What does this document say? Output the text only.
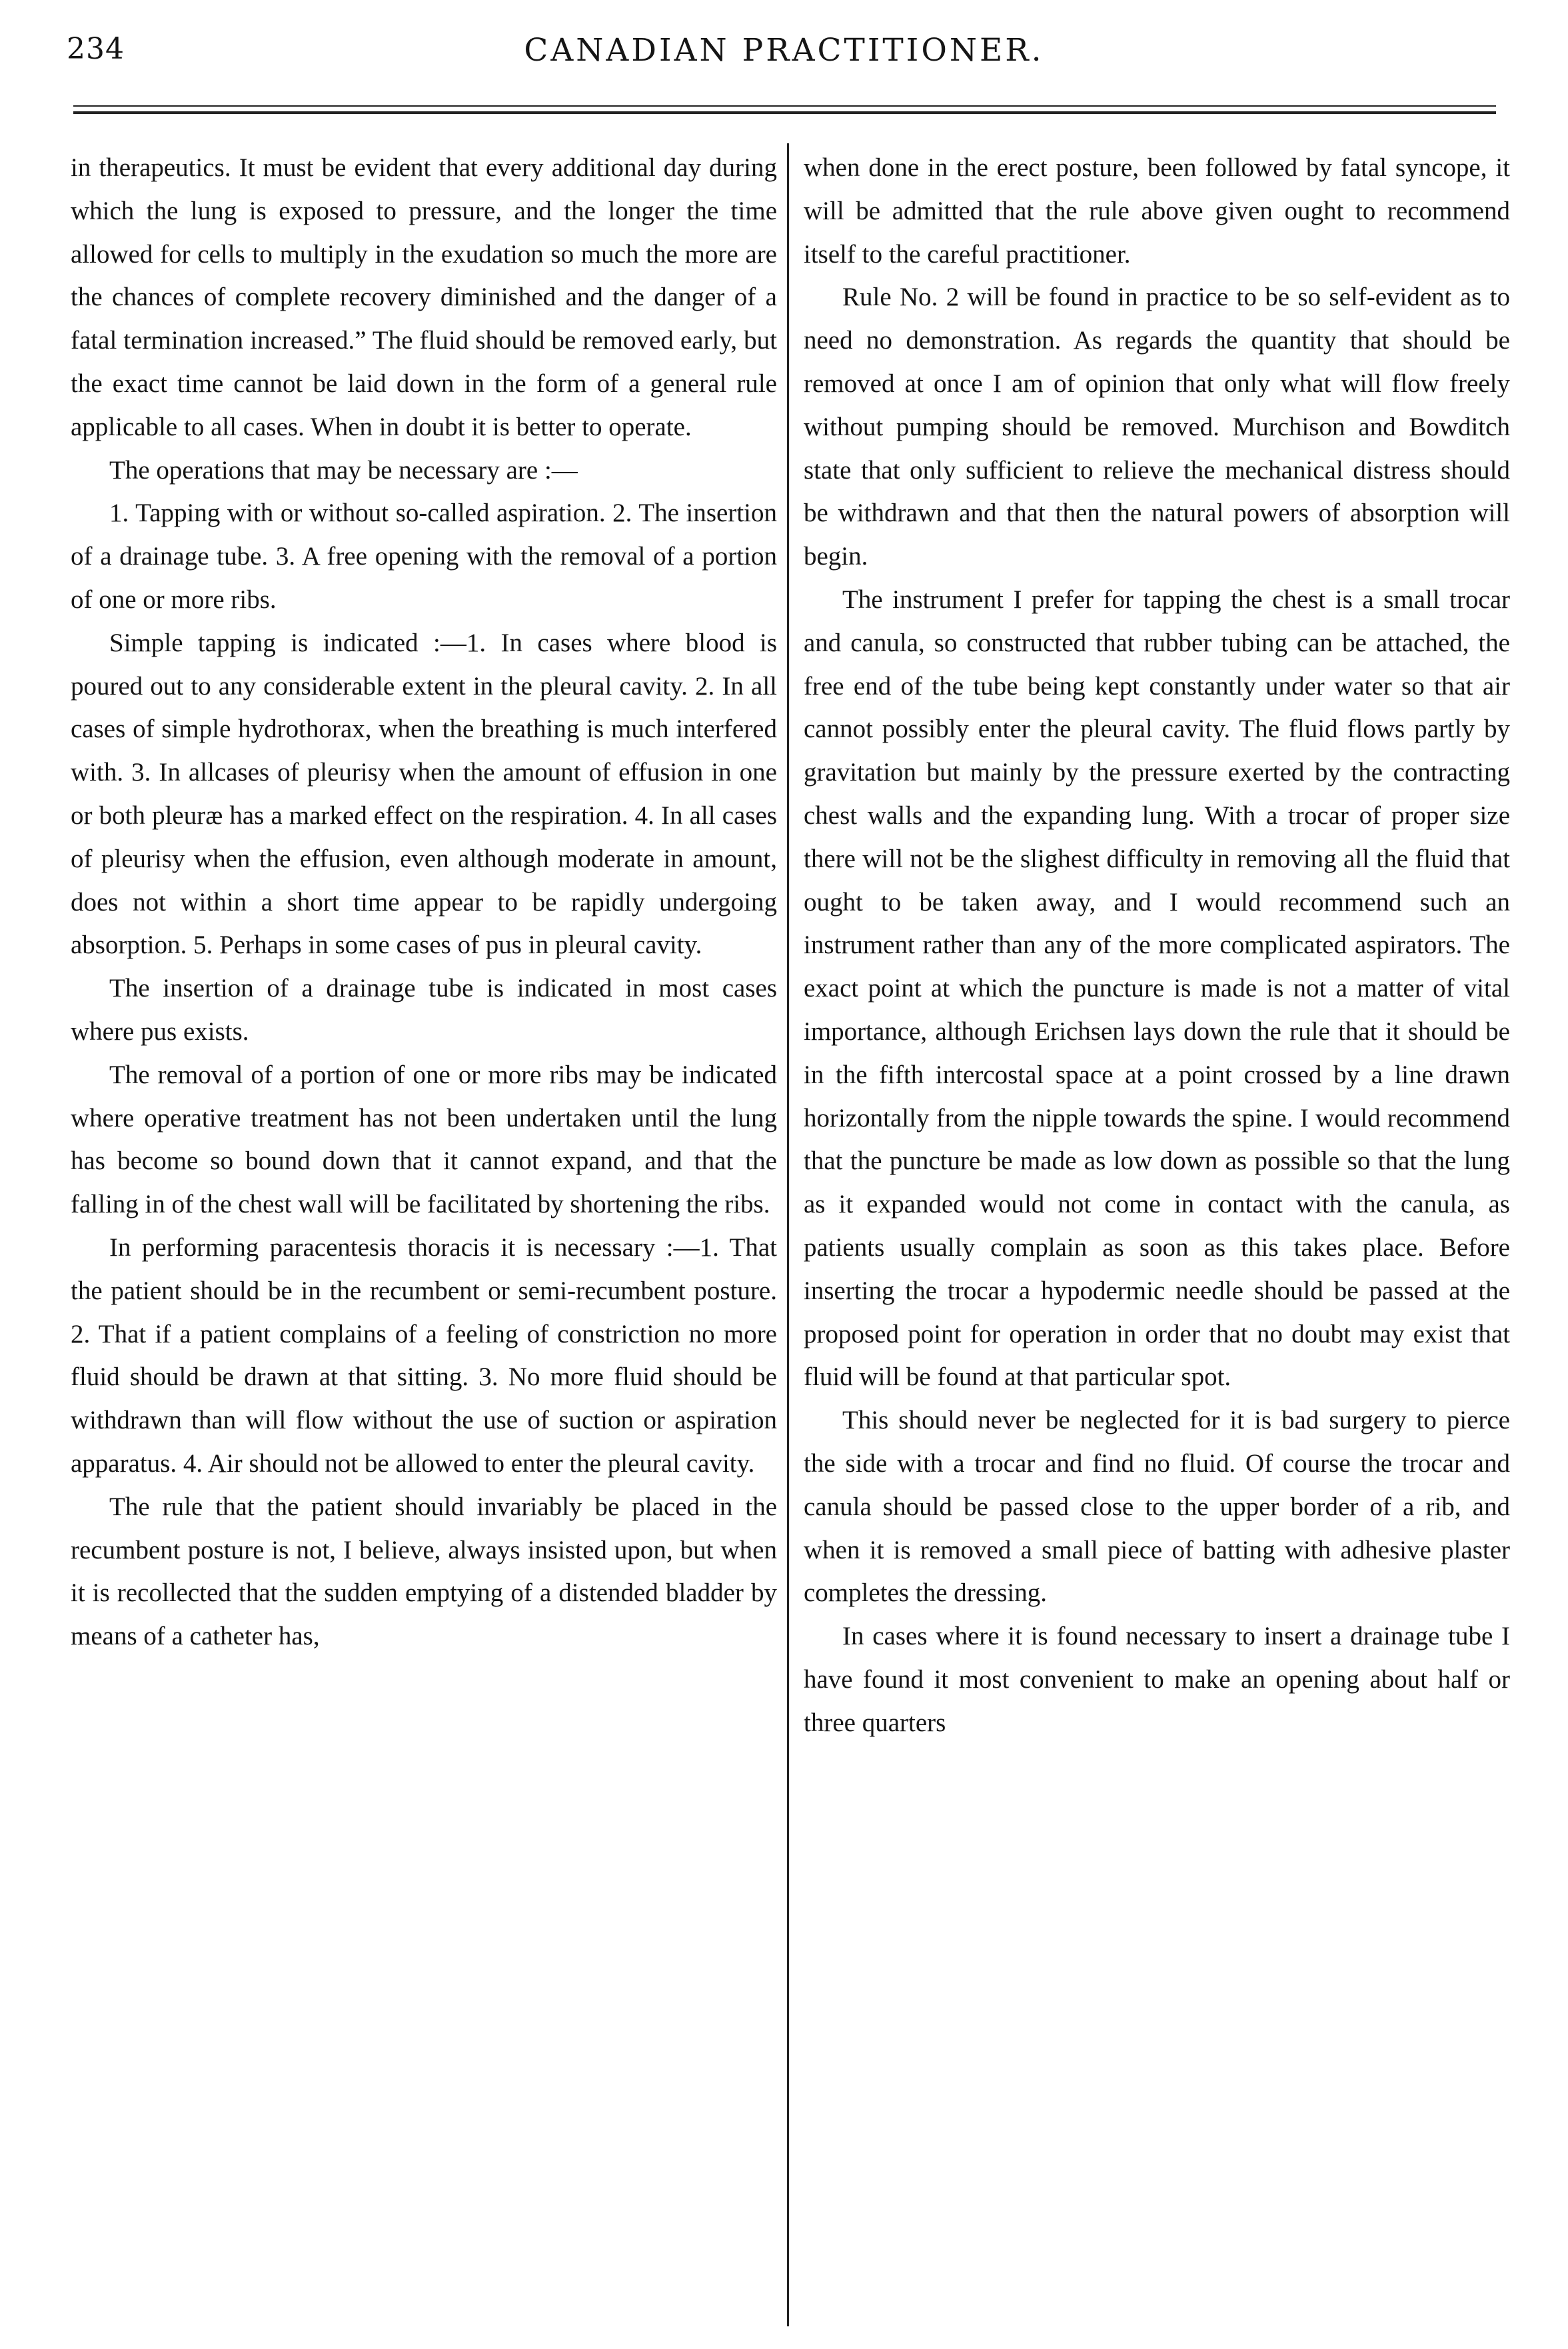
234	CANADIAN PRACTITIONER.

in therapeutics. It must be evident that every additional day during which the lung is exposed to pressure, and the longer the time allowed for cells to multiply in the exudation so much the more are the chances of complete recovery diminished and the danger of a fatal termination increased.” The fluid should be removed early, but the exact time cannot be laid down in the form of a general rule applicable to all cases. When in doubt it is better to operate.

The operations that may be necessary are :—

1. Tapping with or without so-called aspiration. 2. The insertion of a drainage tube. 3. A free opening with the removal of a portion of one or more ribs.

Simple tapping is indicated :—1. In cases where blood is poured out to any considerable extent in the pleural cavity. 2. In all cases of simple hydrothorax, when the breathing is much interfered with. 3. In allcases of pleurisy when the amount of effusion in one or both pleuræ has a marked effect on the respiration. 4. In all cases of pleurisy when the effusion, even although moderate in amount, does not within a short time appear to be rapidly undergoing absorption. 5. Perhaps in some cases of pus in pleural cavity.

The insertion of a drainage tube is indicated in most cases where pus exists.

The removal of a portion of one or more ribs may be indicated where operative treatment has not been undertaken until the lung has become so bound down that it cannot expand, and that the falling in of the chest wall will be facilitated by shortening the ribs.

In performing paracentesis thoracis it is necessary :—1. That the patient should be in the recumbent or semi-recumbent posture. 2. That if a patient complains of a feeling of constriction no more fluid should be drawn at that sitting. 3. No more fluid should be withdrawn than will flow without the use of suction or aspiration apparatus. 4. Air should not be allowed to enter the pleural cavity.

The rule that the patient should invariably be placed in the recumbent posture is not, I believe, always insisted upon, but when it is recollected that the sudden emptying of a distended bladder by means of a catheter has,

when done in the erect posture, been followed by fatal syncope, it will be admitted that the rule above given ought to recommend itself to the careful practitioner.

Rule No. 2 will be found in practice to be so self-evident as to need no demonstration. As regards the quantity that should be removed at once I am of opinion that only what will flow freely without pumping should be removed. Murchison and Bowditch state that only sufficient to relieve the mechanical distress should be withdrawn and that then the natural powers of absorption will begin.

The instrument I prefer for tapping the chest is a small trocar and canula, so constructed that rubber tubing can be attached, the free end of the tube being kept constantly under water so that air cannot possibly enter the pleural cavity. The fluid flows partly by gravitation but mainly by the pressure exerted by the contracting chest walls and the expanding lung. With a trocar of proper size there will not be the slighest difficulty in removing all the fluid that ought to be taken away, and I would recommend such an instrument rather than any of the more complicated aspirators. The exact point at which the puncture is made is not a matter of vital importance, although Erichsen lays down the rule that it should be in the fifth intercostal space at a point crossed by a line drawn horizontally from the nipple towards the spine. I would recommend that the puncture be made as low down as possible so that the lung as it expanded would not come in contact with the canula, as patients usually complain as soon as this takes place. Before inserting the trocar a hypodermic needle should be passed at the proposed point for operation in order that no doubt may exist that fluid will be found at that particular spot.

This should never be neglected for it is bad surgery to pierce the side with a trocar and find no fluid. Of course the trocar and canula should be passed close to the upper border of a rib, and when it is removed a small piece of batting with adhesive plaster completes the dressing.

In cases where it is found necessary to insert a drainage tube I have found it most convenient to make an opening about half or three quarters
